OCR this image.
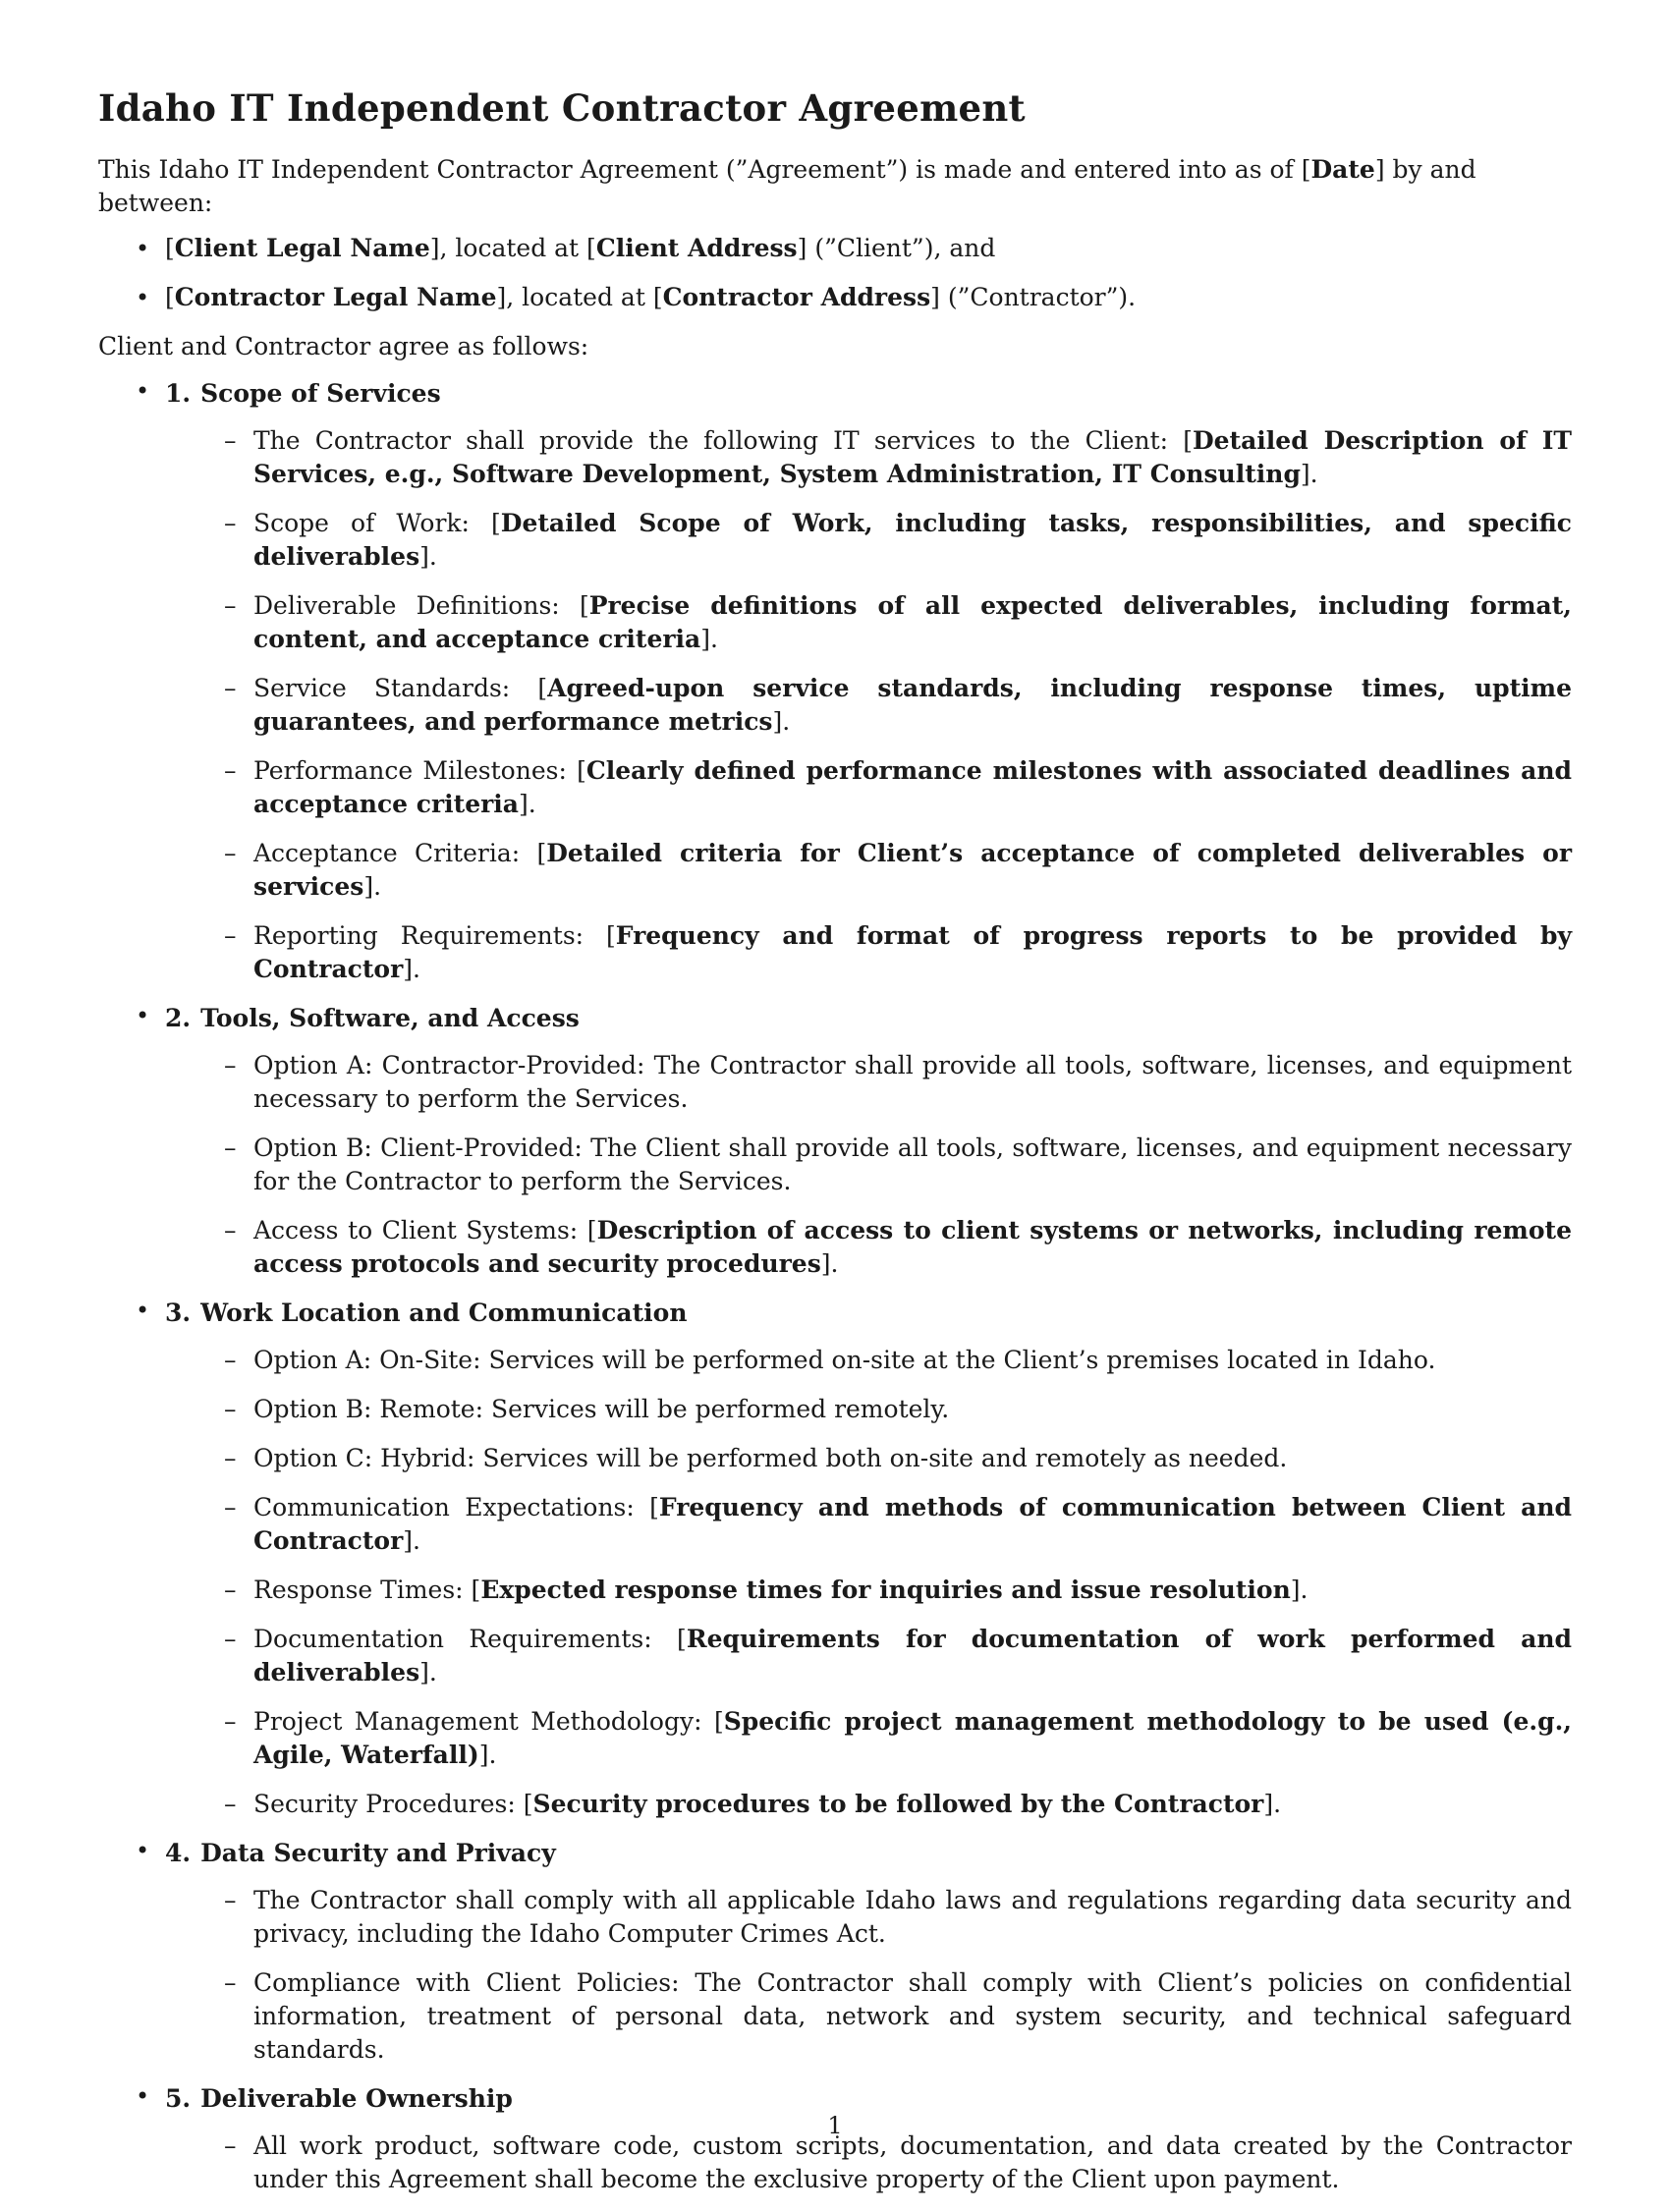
Idaho IT Independent Contractor Agreement

This Idaho IT Independent Contractor Agreement (”Agreement”) is made and entered into as of [Date] by and between:

• [Client Legal Name], located at [Client Address] (”Client”), and
• [Contractor Legal Name], located at [Contractor Address] (”Contractor”).

Client and Contractor agree as follows:

• 1. Scope of Services
– The Contractor shall provide the following IT services to the Client: [Detailed Description of IT Services, e.g., Software Development, System Administration, IT Consulting].
– Scope of Work: [Detailed Scope of Work, including tasks, responsibilities, and specific deliverables].
– Deliverable Definitions: [Precise definitions of all expected deliverables, including format, content, and acceptance criteria].
– Service Standards: [Agreed-upon service standards, including response times, uptime guarantees, and performance metrics].
– Performance Milestones: [Clearly defined performance milestones with associated deadlines and acceptance criteria].
– Acceptance Criteria: [Detailed criteria for Client’s acceptance of completed deliverables or services].
– Reporting Requirements: [Frequency and format of progress reports to be provided by Contractor].
• 2. Tools, Software, and Access
– Option A: Contractor-Provided: The Contractor shall provide all tools, software, licenses, and equipment necessary to perform the Services.
– Option B: Client-Provided: The Client shall provide all tools, software, licenses, and equipment necessary for the Contractor to perform the Services.
– Access to Client Systems: [Description of access to client systems or networks, including remote access protocols and security procedures].
• 3. Work Location and Communication
– Option A: On-Site: Services will be performed on-site at the Client’s premises located in Idaho.
– Option B: Remote: Services will be performed remotely.
– Option C: Hybrid: Services will be performed both on-site and remotely as needed.
– Communication Expectations: [Frequency and methods of communication between Client and Contractor].
– Response Times: [Expected response times for inquiries and issue resolution].
– Documentation Requirements: [Requirements for documentation of work performed and deliverables].
– Project Management Methodology: [Specific project management methodology to be used (e.g., Agile, Waterfall)].
– Security Procedures: [Security procedures to be followed by the Contractor].
• 4. Data Security and Privacy
– The Contractor shall comply with all applicable Idaho laws and regulations regarding data security and privacy, including the Idaho Computer Crimes Act.
– Compliance with Client Policies: The Contractor shall comply with Client’s policies on confidential information, treatment of personal data, network and system security, and technical safeguard standards.
• 5. Deliverable Ownership
– All work product, software code, custom scripts, documentation, and data created by the Contractor under this Agreement shall become the exclusive property of the Client upon payment.
1
